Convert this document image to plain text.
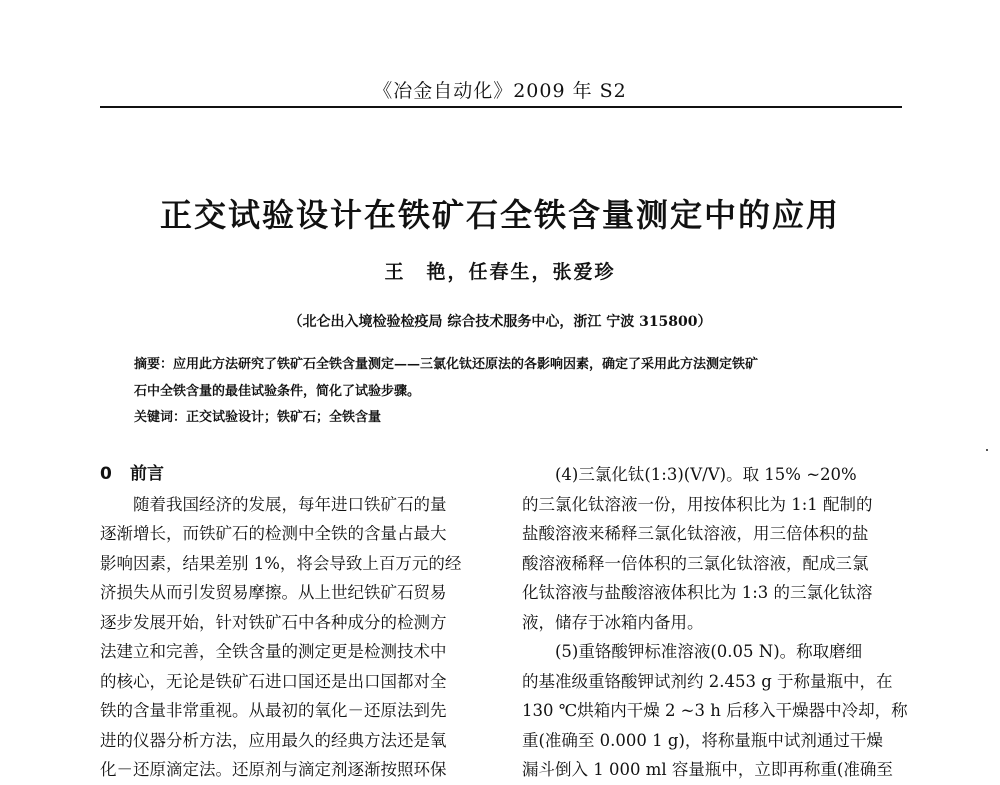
《冶金自动化》2009 年 S2
正交试验设计在铁矿石全铁含量测定中的应用
王　艳，任春生，张爱珍
（北仑出入境检验检疫局 综合技术服务中心，浙江 宁波 315800）
摘要：应用此方法研究了铁矿石全铁含量测定——三氯化钛还原法的各影响因素，确定了采用此方法测定铁矿
石中全铁含量的最佳试验条件，简化了试验步骤。
关键词：正交试验设计；铁矿石；全铁含量
0 前言
　　随着我国经济的发展，每年进口铁矿石的量
逐渐增长，而铁矿石的检测中全铁的含量占最大
影响因素，结果差别 1%，将会导致上百万元的经
济损失从而引发贸易摩擦。从上世纪铁矿石贸易
逐步发展开始，针对铁矿石中各种成分的检测方
法建立和完善，全铁含量的测定更是检测技术中
的核心，无论是铁矿石进口国还是出口国都对全
铁的含量非常重视。从最初的氧化－还原法到先
进的仪器分析方法，应用最久的经典方法还是氧
化－还原滴定法。还原剂与滴定剂逐渐按照环保
　　(4)三氯化钛(1:3)(V/V)。取 15% ~20%
的三氯化钛溶液一份，用按体积比为 1:1 配制的
盐酸溶液来稀释三氯化钛溶液，用三倍体积的盐
酸溶液稀释一倍体积的三氯化钛溶液，配成三氯
化钛溶液与盐酸溶液体积比为 1:3 的三氯化钛溶
液，储存于冰箱内备用。
　　(5)重铬酸钾标准溶液(0.05 N)。称取磨细
的基准级重铬酸钾试剂约 2.453 g 于称量瓶中，在
130 ℃烘箱内干燥 2 ~3 h 后移入干燥器中冷却，称
重(准确至 0.000 1 g)，将称量瓶中试剂通过干燥
漏斗倒入 1 000 ml 容量瓶中，立即再称重(准确至
